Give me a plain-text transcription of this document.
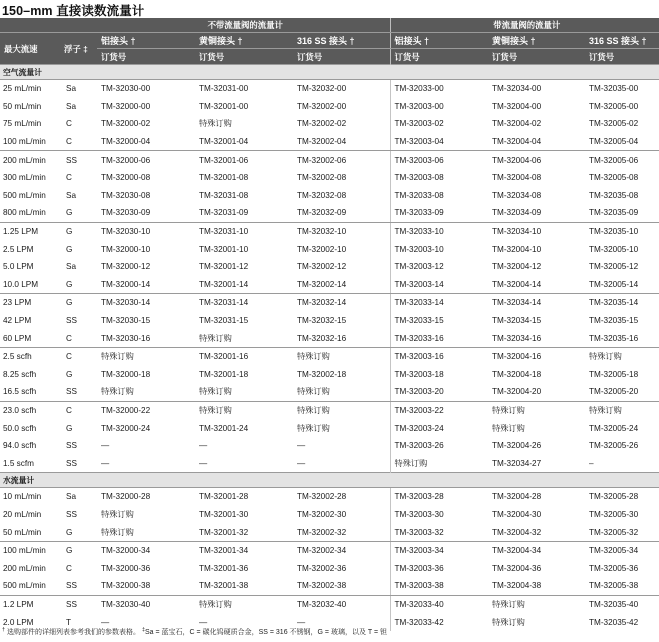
150–mm 直接读数流量计
		不带流量阀的流量计			带流量阀的流量计		
最大流速	浮子 ‡	铝接头 †	黄铜接头 †	316 SS 接头 †	铝接头 †	黄铜接头 †	316 SS 接头 †
		订货号	订货号	订货号	订货号	订货号	订货号
空气流量计							
25 mL/min	Sa	TM-32030-00	TM-32031-00	TM-32032-00	TM-32033-00	TM-32034-00	TM-32035-00
50 mL/min	Sa	TM-32000-00	TM-32001-00	TM-32002-00	TM-32003-00	TM-32004-00	TM-32005-00
75 mL/min	C	TM-32000-02	特殊订购	TM-32002-02	TM-32003-02	TM-32004-02	TM-32005-02
100 mL/min	C	TM-32000-04	TM-32001-04	TM-32002-04	TM-32003-04	TM-32004-04	TM-32005-04
200 mL/min	SS	TM-32000-06	TM-32001-06	TM-32002-06	TM-32003-06	TM-32004-06	TM-32005-06
300 mL/min	C	TM-32000-08	TM-32001-08	TM-32002-08	TM-32003-08	TM-32004-08	TM-32005-08
500 mL/min	Sa	TM-32030-08	TM-32031-08	TM-32032-08	TM-32033-08	TM-32034-08	TM-32035-08
800 mL/min	G	TM-32030-09	TM-32031-09	TM-32032-09	TM-32033-09	TM-32034-09	TM-32035-09
1.25 LPM	G	TM-32030-10	TM-32031-10	TM-32032-10	TM-32033-10	TM-32034-10	TM-32035-10
2.5 LPM	G	TM-32000-10	TM-32001-10	TM-32002-10	TM-32003-10	TM-32004-10	TM-32005-10
5.0 LPM	Sa	TM-32000-12	TM-32001-12	TM-32002-12	TM-32003-12	TM-32004-12	TM-32005-12
10.0 LPM	G	TM-32000-14	TM-32001-14	TM-32002-14	TM-32003-14	TM-32004-14	TM-32005-14
23 LPM	G	TM-32030-14	TM-32031-14	TM-32032-14	TM-32033-14	TM-32034-14	TM-32035-14
42 LPM	SS	TM-32030-15	TM-32031-15	TM-32032-15	TM-32033-15	TM-32034-15	TM-32035-15
60 LPM	C	TM-32030-16	特殊订购	TM-32032-16	TM-32033-16	TM-32034-16	TM-32035-16
2.5 scfh	C	特殊订购	TM-32001-16	特殊订购	TM-32003-16	TM-32004-16	特殊订购
8.25 scfh	G	TM-32000-18	TM-32001-18	TM-32002-18	TM-32003-18	TM-32004-18	TM-32005-18
16.5 scfh	SS	特殊订购	特殊订购	特殊订购	TM-32003-20	TM-32004-20	TM-32005-20
23.0 scfh	C	TM-32000-22	特殊订购	特殊订购	TM-32003-22	特殊订购	特殊订购
50.0 scfh	G	TM-32000-24	TM-32001-24	特殊订购	TM-32003-24	特殊订购	TM-32005-24
94.0 scfh	SS	—	—	—	TM-32003-26	TM-32004-26	TM-32005-26
1.5 scfm	SS	—	—	—	特殊订购	TM-32034-27	–
水流量计							
10 mL/min	Sa	TM-32000-28	TM-32001-28	TM-32002-28	TM-32003-28	TM-32004-28	TM-32005-28
20 mL/min	SS	特殊订购	TM-32001-30	TM-32002-30	TM-32003-30	TM-32004-30	TM-32005-30
50 mL/min	G	特殊订购	TM-32001-32	TM-32002-32	TM-32003-32	TM-32004-32	TM-32005-32
100 mL/min	G	TM-32000-34	TM-32001-34	TM-32002-34	TM-32003-34	TM-32004-34	TM-32005-34
200 mL/min	C	TM-32000-36	TM-32001-36	TM-32002-36	TM-32003-36	TM-32004-36	TM-32005-36
500 mL/min	SS	TM-32000-38	TM-32001-38	TM-32002-38	TM-32003-38	TM-32004-38	TM-32005-38
1.2 LPM	SS	TM-32030-40	特殊订购	TM-32032-40	TM-32033-40	特殊订购	TM-32035-40
2.0 LPM	T	—	—	—	TM-32033-42	特殊订购	TM-32035-42
† 选购部件的详细列表参考我们的参数表格。 ‡Sa = 蓝宝石，C = 碳化钨硬质合金，SS = 316 不锈钢，G = 玻璃，以及 T = 钽
